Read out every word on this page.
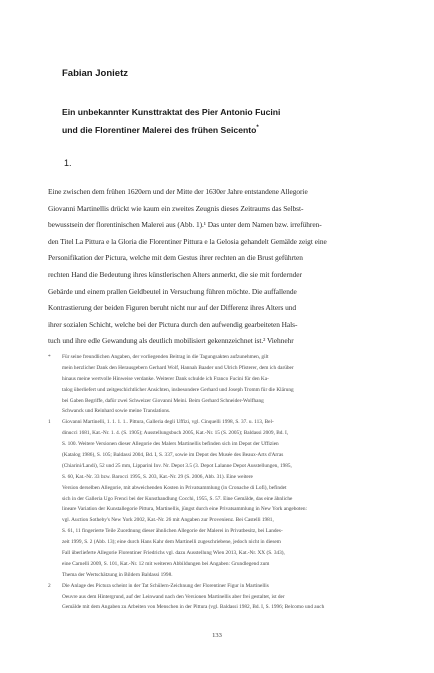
Fabian Jonietz
Ein unbekannter Kunsttraktat des Pier Antonio Fucini
und die Florentiner Malerei des frühen Seicento*
1.
Eine zwischen dem frühen 1620ern und der Mitte der 1630er Jahre entstandene Allegorie
Giovanni Martinellis drückt wie kaum ein zweites Zeugnis dieses Zeitraums das Selbst-
bewusstsein der florentinischen Malerei aus (Abb. 1).¹ Das unter dem Namen bzw. irreführen-
den Titel La Pittura e la Gloria die Florentiner Pittura e la Gelosia gehandelt Gemälde zeigt eine
Personifikation der Pictura, welche mit dem Gestus ihrer rechten an die Brust geführten
rechten Hand die Bedeutung ihres künstlerischen Alters anmerkt, die sie mit fordernder
Gebärde und einem prallen Geldbeutel in Versuchung führen möchte. Die auffallende
Kontrastierung der beiden Figuren beruht nicht nur auf der Differenz ihres Alters und
ihrer sozialen Schicht, welche bei der Pictura durch den aufwendig gearbeiteten Hals-
tuch und ihre edle Gewandung als deutlich mobilisiert gekennzeichnet ist.² Viehnehr
* Für seine freundlichen Angaben, der vorliegenden Beitrag in die Tagungsakten aufzunehmen, gilt
mein herzlicher Dank den Herausgebern Gerhard Wolf, Hannah Baader und Ulrich Pfisterer, dem ich darüber
hinaus meine wertvolle Hinweise verdanke. Weiterer Dank schulde ich Franco Fucini für den Ka-
talog überliefert und zeitgeschichtlicher Ansichten, insbesondere Gerhard und Joseph Tromm für die Klärung
bei Gaben Begriffe, dafür zwei Schweizer Giovanni Meini. Beim Gerhard Schneider-Wolfhang
Schwanck und Reinhard sowie meine Translations.
1 Giovanni Martinelli, 1. 1. 1. 1.. Pittura, Galleria degli Uffizi, vgl. Cinquelli 1998, S. 37. u. 113, Bel-
dinucci 1681, Kat.-Nr. 1. 4. (S. 1905); Ausstellungsbuch 2005, Kat.-Nr. 15 (S. 2005); Baldassi 2009, Bd. I,
S. 100. Weitere Versionen dieser Allegorie des Malers Martinellis befinden sich im Depot der Uffizien
(Katalog 1986), S. 105; Baldassi 2004, Bd. I, S. 337, sowie im Depot des Musée des Beaux-Arts d'Arras
(Chiarini/Landi), 52 und 25 mm, Lipparini Inv. Nr. Depot 3.5 (3. Depot Lalanne Depot Ausstellungen, 1985,
S. 60, Kat.-Nr. 33 bzw. Barocci 1995, S. 203, Kat.-Nr. 29 (S. 2006, Abb. 31). Eine weitere
Version derselben Allegorie, mit abweichenden Kosten in Privatsammlung (in Cronache di Lofi), befindet
sich in der Galleria Ugo Frenci bei der Kunsthandlung Cocchi, 1955, S. 57. Eine Gemälde, das eine ähnliche
lineare Variation der Kunstallegorie Pittura, Martinellis, jüngst durch eine Privatsammlung in New York angeboten:
vgl. Auction Sotheby's New York 2002, Kat.-Nr. 26 mit Angaben zur Provenienz. Bei Castelli 1981,
S. 61, 11 fingerierte Teile Zuordnung dieser ähnlichen Allegorie der Malerei in Privatbesitz, bei Landes-
zeit 1999, S. 2 (Abb. 13); eine durch Hans Kahr dem Martinelli zugeschriebene, jedoch nicht in diesem
Fall überlieferte Allegorie Florentiner Friedrichs vgl. dazu Ausstellung Wien 2013, Kat.-Nr. XX (S. 343),
eine Carnelli 2009, S. 101, Kat.-Nr. 12 mit weiteren Abbildungen bei Angaben: Grundlegend zum
Thema der Wertschätzung in Bildern Baldassi 1998.
2 Die Anlage des Pictura scheint in der Tat Schülern-Zeichnung der Florentiner Figur in Martinellis
Oeuvre aus dem Hintergrund, auf der Leinwand nach den Versionen Martinellis aber frei gestaltet, ist der
Gemälde mit dem Angaben zu Arbeiten von Menschen in der Pittura (vgl. Baldassi 1982, Bd. I, S. 1996; Belcomo und auch
133
